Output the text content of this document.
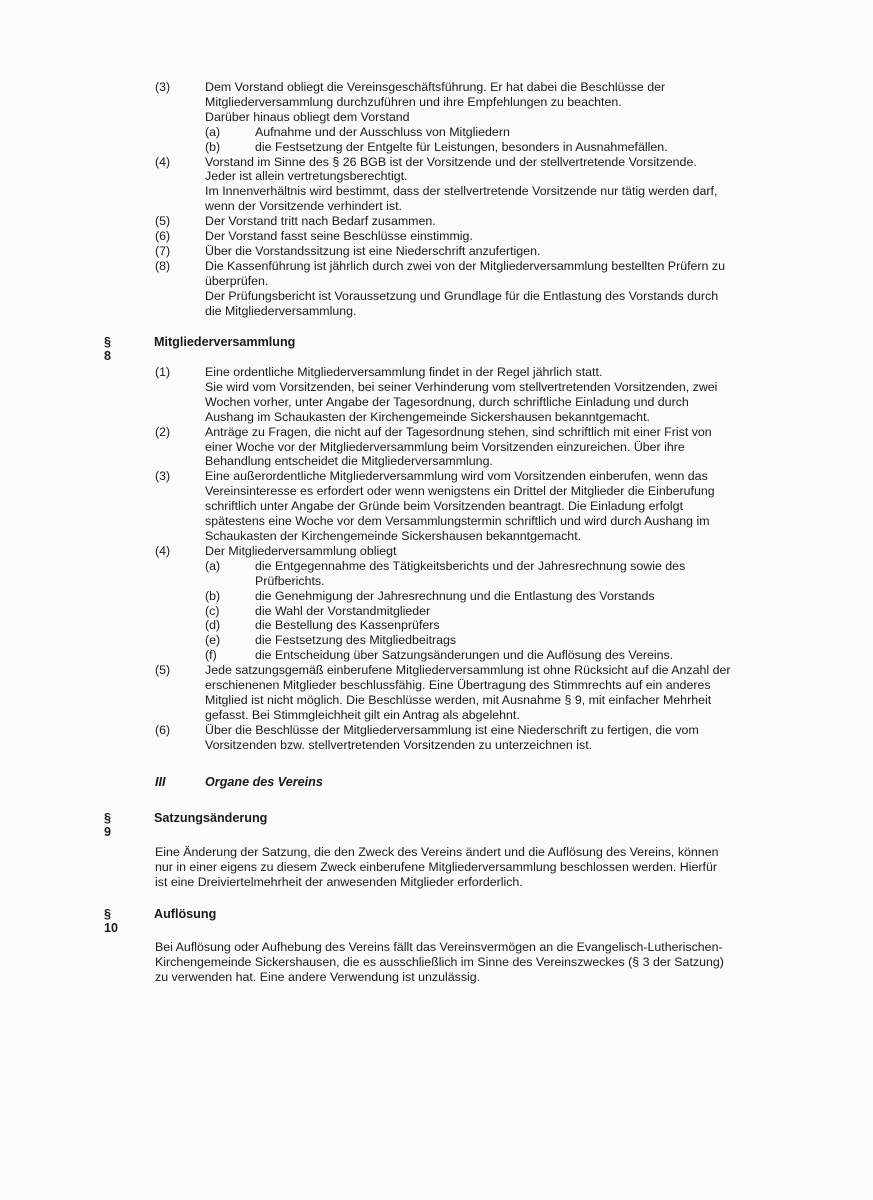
(3)	Dem Vorstand obliegt die Vereinsgeschäftsführung. Er hat dabei die Beschlüsse der
Mitgliederversammlung durchzuführen und ihre Empfehlungen zu beachten.
Darüber hinaus obliegt dem Vorstand
(a)	Aufnahme und der Ausschluss von Mitgliedern
(b)	die Festsetzung der Entgelte für Leistungen, besonders in Ausnahmefällen.
(4)	Vorstand im Sinne des § 26 BGB ist der Vorsitzende und der stellvertretende Vorsitzende.
Jeder ist allein vertretungsberechtigt.
Im Innenverhältnis wird bestimmt, dass der stellvertretende Vorsitzende nur tätig werden darf,
wenn der Vorsitzende verhindert ist.
(5)	Der Vorstand tritt nach Bedarf zusammen.
(6)	Der Vorstand fasst seine Beschlüsse einstimmig.
(7)	Über die Vorstandssitzung ist eine Niederschrift anzufertigen.
(8)	Die Kassenführung ist jährlich durch zwei von der Mitgliederversammlung bestellten Prüfern zu
überprüfen.
Der Prüfungsbericht ist Voraussetzung und Grundlage für die Entlastung des Vorstands durch
die Mitgliederversammlung.
§ 8
Mitgliederversammlung
(1)	Eine ordentliche Mitgliederversammlung findet in der Regel jährlich statt.
Sie wird vom Vorsitzenden, bei seiner Verhinderung vom stellvertretenden Vorsitzenden, zwei
Wochen vorher, unter Angabe der Tagesordnung, durch schriftliche Einladung und durch
Aushang im Schaukasten der Kirchengemeinde Sickershausen bekanntgemacht.
(2)	Anträge zu Fragen, die nicht auf der Tagesordnung stehen, sind schriftlich mit einer Frist von
einer Woche vor der Mitgliederversammlung beim Vorsitzenden einzureichen. Über ihre
Behandlung entscheidet die Mitgliederversammlung.
(3)	Eine außerordentliche Mitgliederversammlung wird vom Vorsitzenden einberufen, wenn das
Vereinsinteresse es erfordert oder wenn wenigstens ein Drittel der Mitglieder die Einberufung
schriftlich unter Angabe der Gründe beim Vorsitzenden beantragt. Die Einladung erfolgt
spätestens eine Woche vor dem Versammlungstermin schriftlich und wird durch Aushang im
Schaukasten der Kirchengemeinde Sickershausen bekanntgemacht.
(4)	Der Mitgliederversammlung obliegt
(a)	die Entgegennahme des Tätigkeitsberichts und der Jahresrechnung sowie des
Prüfberichts.
(b)	die Genehmigung der Jahresrechnung und die Entlastung des Vorstands
(c)	die Wahl der Vorstandmitglieder
(d)	die Bestellung des Kassenprüfers
(e)	die Festsetzung des Mitgliedbeitrags
(f)	die Entscheidung über Satzungsänderungen und die Auflösung des Vereins.
(5)	Jede satzungsgemäß einberufene Mitgliederversammlung ist ohne Rücksicht auf die Anzahl der
erschienenen Mitglieder beschlussfähig. Eine Übertragung des Stimmrechts auf ein anderes
Mitglied ist nicht möglich. Die Beschlüsse werden, mit Ausnahme § 9, mit einfacher Mehrheit
gefasst. Bei Stimmgleichheit gilt ein Antrag als abgelehnt.
(6)	Über die Beschlüsse der Mitgliederversammlung ist eine Niederschrift zu fertigen, die vom
Vorsitzenden bzw. stellvertretenden Vorsitzenden zu unterzeichnen ist.
III	Organe des Vereins
§ 9
Satzungsänderung
Eine Änderung der Satzung, die den Zweck des Vereins ändert und die Auflösung des Vereins, können
nur in einer eigens zu diesem Zweck einberufene Mitgliederversammlung beschlossen werden. Hierfür
ist eine Dreiviertelmehrheit der anwesenden Mitglieder erforderlich.
§ 10
Auflösung
Bei Auflösung oder Aufhebung des Vereins fällt das Vereinsvermögen an die Evangelisch-Lutherischen-
Kirchengemeinde Sickershausen, die es ausschließlich im Sinne des Vereinszweckes (§ 3 der Satzung)
zu verwenden hat. Eine andere Verwendung ist unzulässig.
